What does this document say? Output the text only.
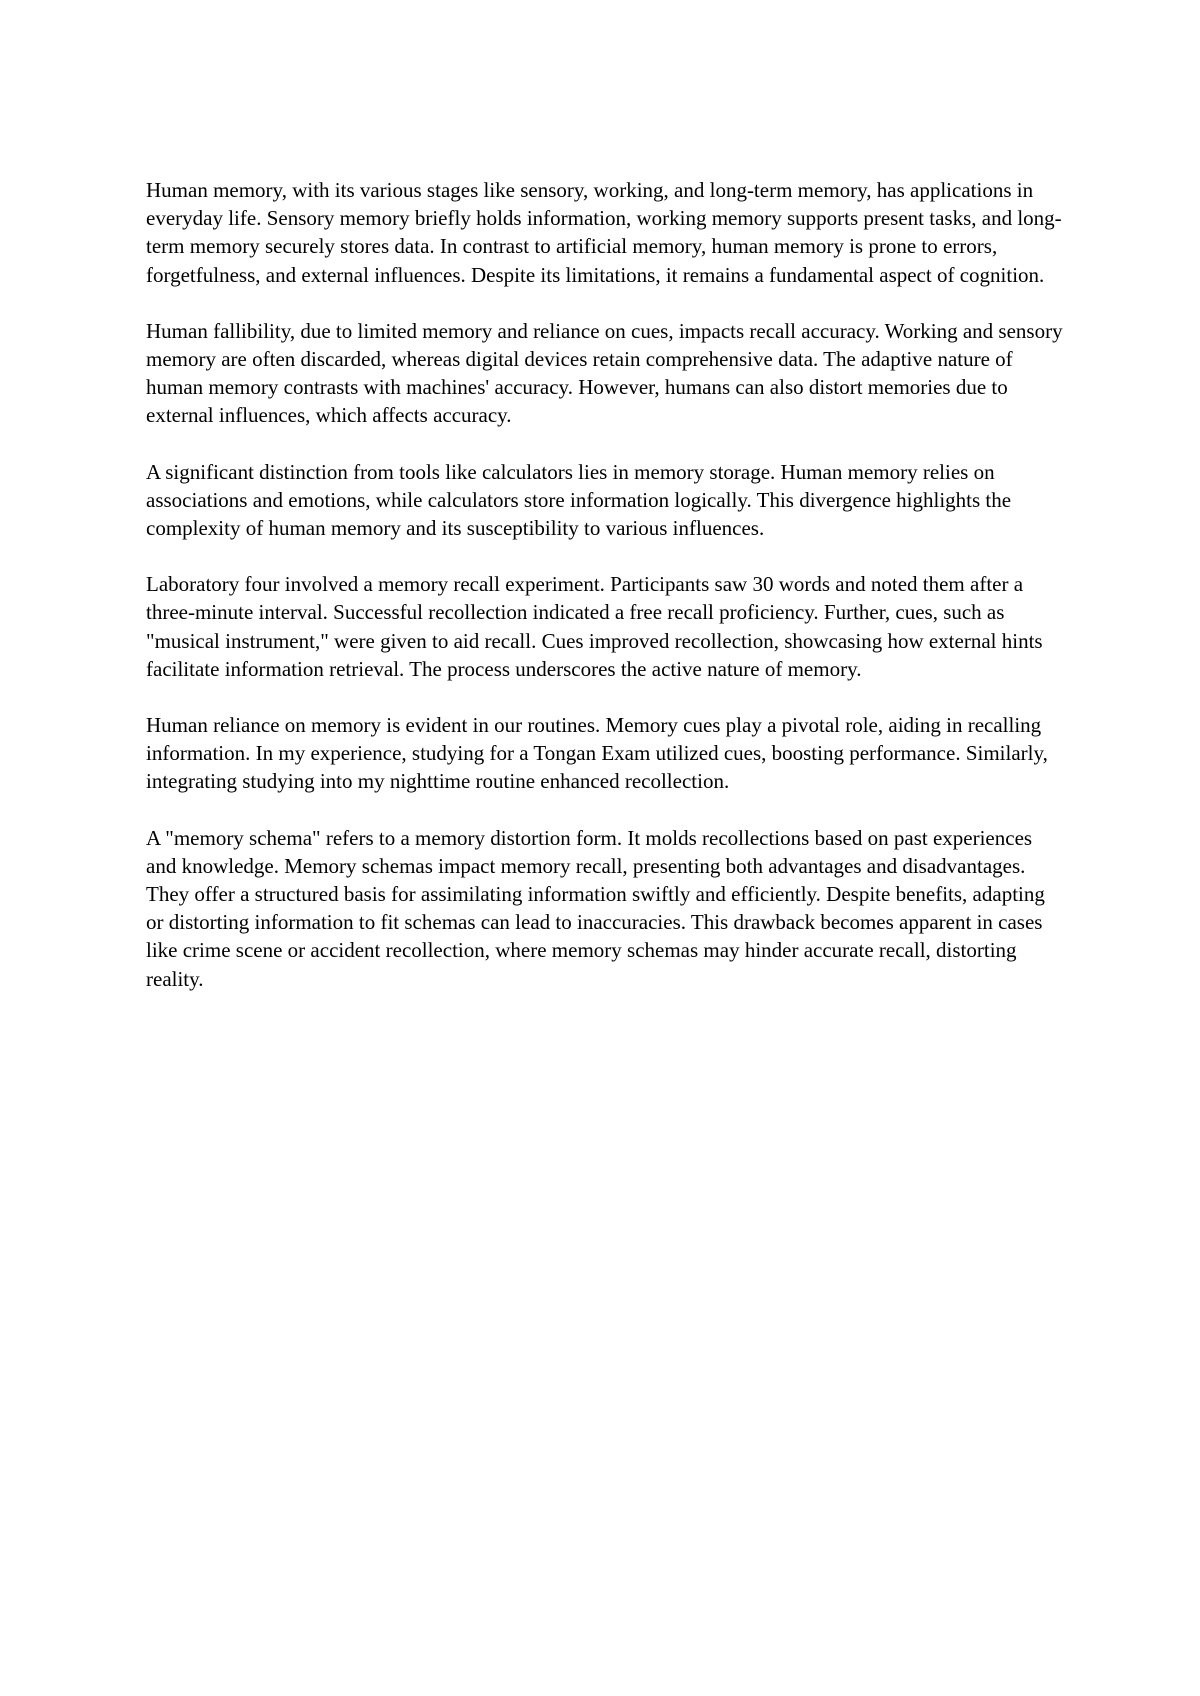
Human memory, with its various stages like sensory, working, and long-term memory, has applications in everyday life. Sensory memory briefly holds information, working memory supports present tasks, and long-term memory securely stores data. In contrast to artificial memory, human memory is prone to errors, forgetfulness, and external influences. Despite its limitations, it remains a fundamental aspect of cognition.

Human fallibility, due to limited memory and reliance on cues, impacts recall accuracy. Working and sensory memory are often discarded, whereas digital devices retain comprehensive data. The adaptive nature of human memory contrasts with machines' accuracy. However, humans can also distort memories due to external influences, which affects accuracy.

A significant distinction from tools like calculators lies in memory storage. Human memory relies on associations and emotions, while calculators store information logically. This divergence highlights the complexity of human memory and its susceptibility to various influences.

Laboratory four involved a memory recall experiment. Participants saw 30 words and noted them after a three-minute interval. Successful recollection indicated a free recall proficiency. Further, cues, such as "musical instrument," were given to aid recall. Cues improved recollection, showcasing how external hints facilitate information retrieval. The process underscores the active nature of memory.

Human reliance on memory is evident in our routines. Memory cues play a pivotal role, aiding in recalling information. In my experience, studying for a Tongan Exam utilized cues, boosting performance. Similarly, integrating studying into my nighttime routine enhanced recollection.

A "memory schema" refers to a memory distortion form. It molds recollections based on past experiences and knowledge. Memory schemas impact memory recall, presenting both advantages and disadvantages. They offer a structured basis for assimilating information swiftly and efficiently. Despite benefits, adapting or distorting information to fit schemas can lead to inaccuracies. This drawback becomes apparent in cases like crime scene or accident recollection, where memory schemas may hinder accurate recall, distorting reality.
